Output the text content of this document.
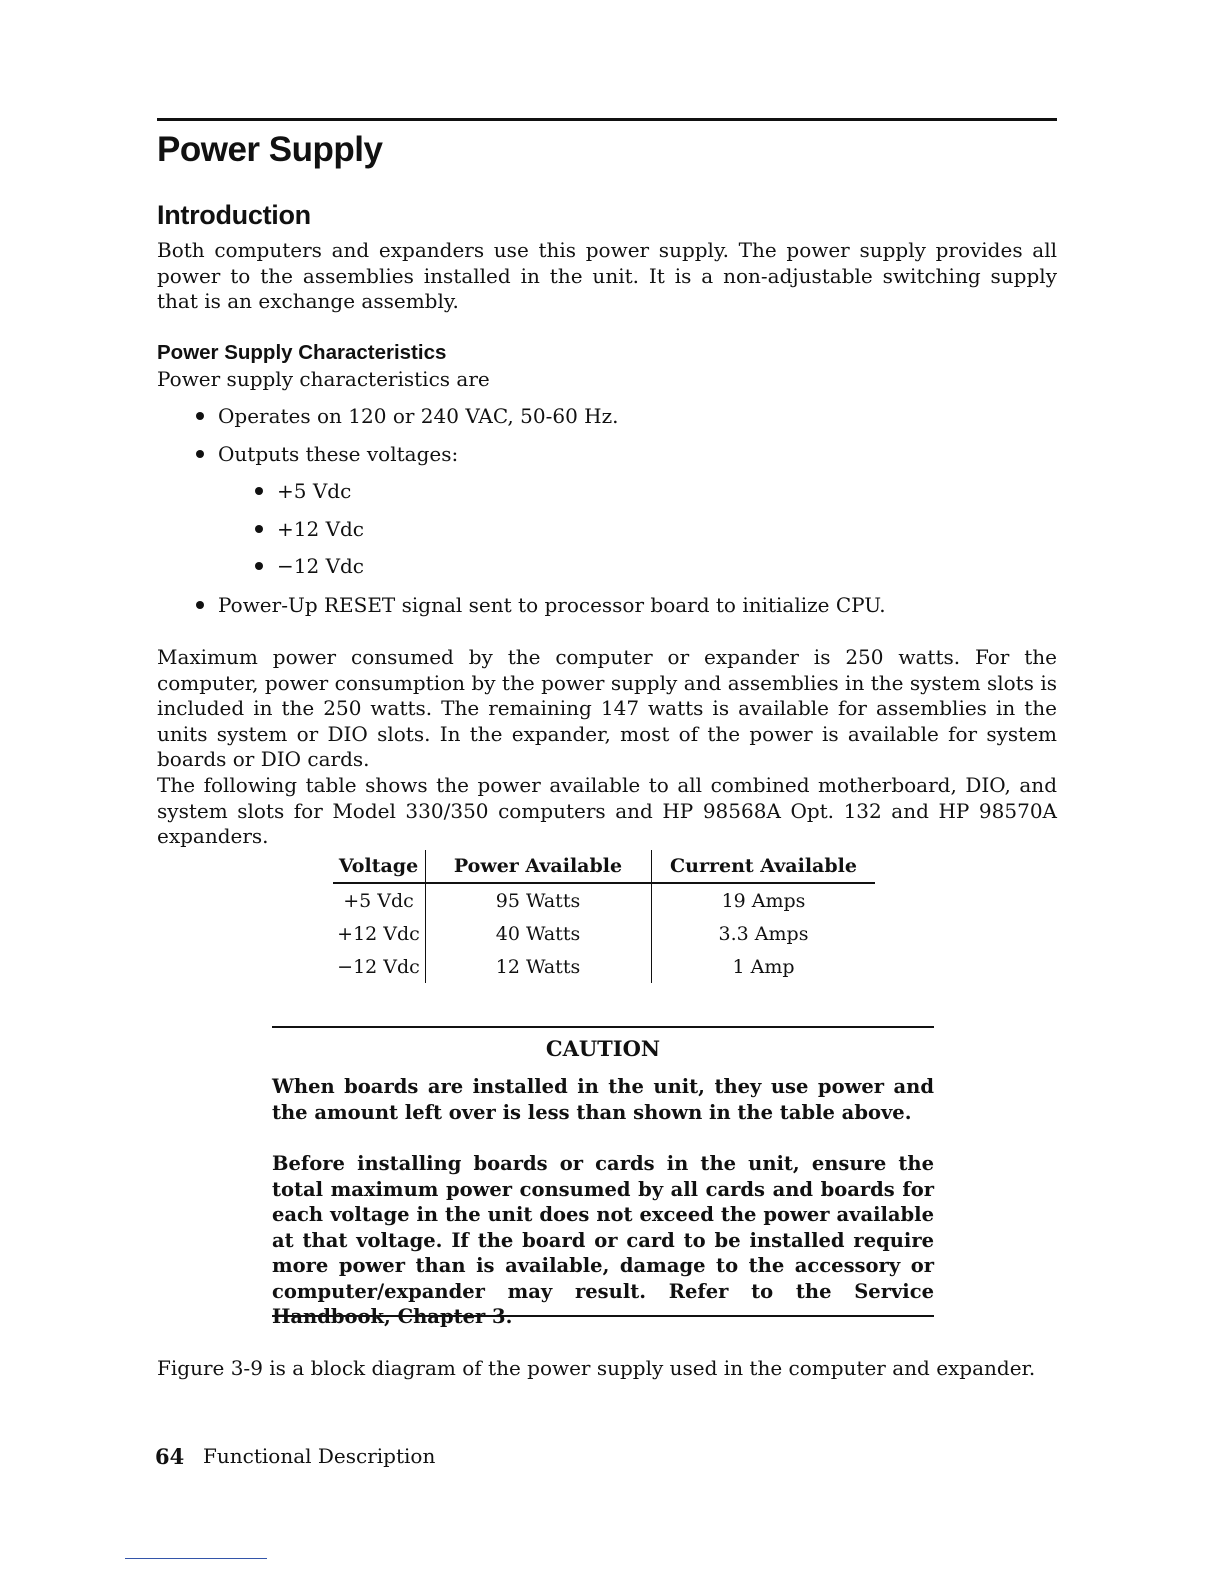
Power Supply
Introduction

Both computers and expanders use this power supply. The power supply provides all power to the assemblies installed in the unit. It is a non-adjustable switching supply that is an exchange assembly.

Power Supply Characteristics

Power supply characteristics are

Operates on 120 or 240 VAC, 50-60 Hz.
Outputs these voltages:
+5 Vdc
+12 Vdc
−12 Vdc
Power-Up RESET signal sent to processor board to initialize CPU.

Maximum power consumed by the computer or expander is 250 watts. For the computer, power consumption by the power supply and assemblies in the system slots is included in the 250 watts. The remaining 147 watts is available for assemblies in the units system or DIO slots. In the expander, most of the power is available for system boards or DIO cards.

The following table shows the power available to all combined motherboard, DIO, and system slots for Model 330/350 computers and HP 98568A Opt. 132 and HP 98570A expanders.

Voltage	Power Available	Current Available
+5 Vdc	95 Watts	19 Amps
+12 Vdc	40 Watts	3.3 Amps
−12 Vdc	12 Watts	1 Amp
CAUTION

When boards are installed in the unit, they use power and the amount left over is less than shown in the table above.

Before installing boards or cards in the unit, ensure the total maximum power consumed by all cards and boards for each voltage in the unit does not exceed the power available at that voltage. If the board or card to be installed require more power than is available, damage to the accessory or computer/expander may result. Refer to the Service Handbook, Chapter 3.

Figure 3-9 is a block diagram of the power supply used in the computer and expander.

64 Functional Description
